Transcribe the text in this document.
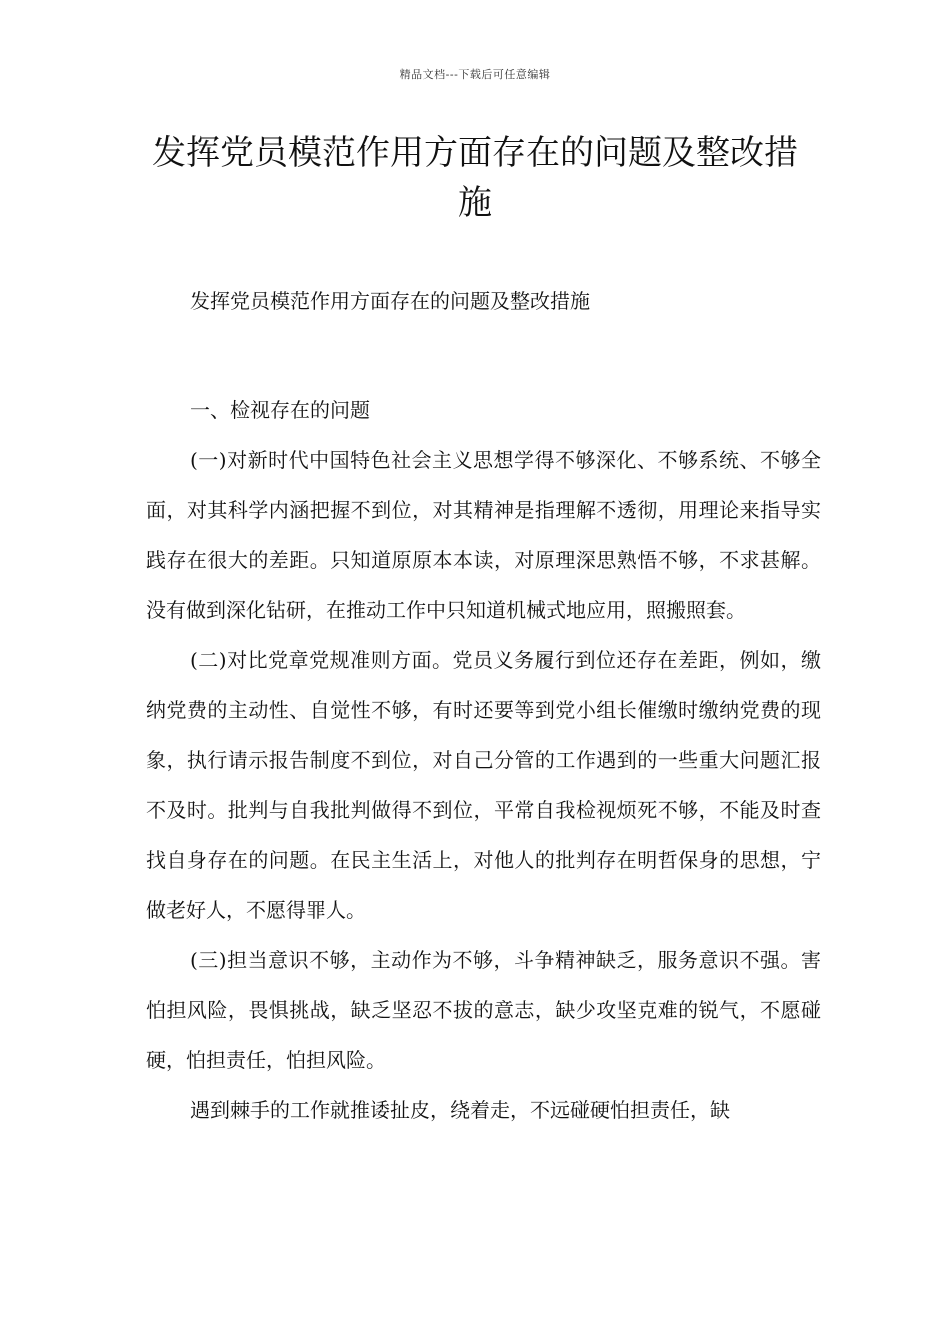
精品文档---下载后可任意编辑
发挥党员模范作用方面存在的问题及整改措施
发挥党员模范作用方面存在的问题及整改措施

一、检视存在的问题

(一)对新时代中国特色社会主义思想学得不够深化、不够系统、不够全面，对其科学内涵把握不到位，对其精神是指理解不透彻，用理论来指导实践存在很大的差距。只知道原原本本读，对原理深思熟悟不够，不求甚解。没有做到深化钻研，在推动工作中只知道机械式地应用，照搬照套。

(二)对比党章党规准则方面。党员义务履行到位还存在差距，例如，缴纳党费的主动性、自觉性不够，有时还要等到党小组长催缴时缴纳党费的现象，执行请示报告制度不到位，对自己分管的工作遇到的一些重大问题汇报不及时。批判与自我批判做得不到位，平常自我检视烦死不够，不能及时查找自身存在的问题。在民主生活上，对他人的批判存在明哲保身的思想，宁做老好人，不愿得罪人。

(三)担当意识不够，主动作为不够，斗争精神缺乏，服务意识不强。害怕担风险，畏惧挑战，缺乏坚忍不拔的意志，缺少攻坚克难的锐气，不愿碰硬，怕担责任，怕担风险。

遇到棘手的工作就推诿扯皮，绕着走，不远碰硬怕担责任，缺
